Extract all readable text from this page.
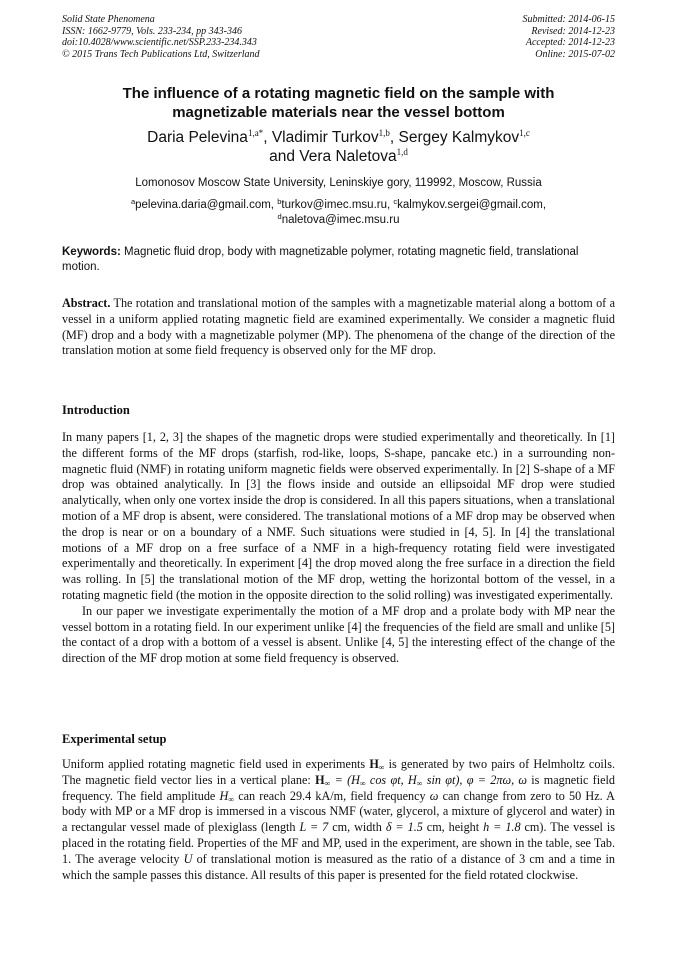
Solid State Phenomena
ISSN: 1662-9779, Vols. 233-234, pp 343-346
doi:10.4028/www.scientific.net/SSP.233-234.343
© 2015 Trans Tech Publications Ltd, Switzerland
Submitted: 2014-06-15
Revised: 2014-12-23
Accepted: 2014-12-23
Online: 2015-07-02
The influence of a rotating magnetic field on the sample with
magnetizable materials near the vessel bottom
Daria Pelevina$^{1,a*}$, Vladimir Turkov$^{1,b}$, Sergey Kalmykov$^{1,c}$
and Vera Naletova$^{1,d}$
Lomonosov Moscow State University, Leninskiye gory, 119992, Moscow, Russia
$^a$pelevina.daria@gmail.com, $^b$turkov@imec.msu.ru, $^c$kalmykov.sergei@gmail.com,
$^d$naletova@imec.msu.ru
Keywords: Magnetic fluid drop, body with magnetizable polymer, rotating magnetic field, translational motion.

Abstract. The rotation and translational motion of the samples with a magnetizable material along a bottom of a vessel in a uniform applied rotating magnetic field are examined experimentally. We consider a magnetic fluid (MF) drop and a body with a magnetizable polymer (MP). The phenomena of the change of the direction of the translation motion at some field frequency is observed only for the MF drop.

Introduction

In many papers [1, 2, 3] the shapes of the magnetic drops were studied experimentally and theoretically. In [1] the different forms of the MF drops (starfish, rod-like, loops, S-shape, pancake etc.) in a surrounding non-magnetic fluid (NMF) in rotating uniform magnetic fields were observed experimentally. In [2] S-shape of a MF drop was obtained analytically. In [3] the flows inside and outside an ellipsoidal MF drop were studied analytically, when only one vortex inside the drop is considered. In all this papers situations, when a translational motion of a MF drop is absent, were considered. The translational motions of a MF drop may be observed when the drop is near or on a boundary of a NMF. Such situations were studied in [4, 5]. In [4] the translational motions of a MF drop on a free surface of a NMF in a high-frequency rotating field were investigated experimentally and theoretically. In experiment [4] the drop moved along the free surface in a direction the field was rolling. In [5] the translational motion of the MF drop, wetting the horizontal bottom of the vessel, in a rotating magnetic field (the motion in the opposite direction to the solid rolling) was investigated experimentally.

In our paper we investigate experimentally the motion of a MF drop and a prolate body with MP near the vessel bottom in a rotating field. In our experiment unlike [4] the frequencies of the field are small and unlike [5] the contact of a drop with a bottom of a vessel is absent. Unlike [4, 5] the interesting effect of the change of the direction of the MF drop motion at some field frequency is observed.

Experimental setup

Uniform applied rotating magnetic field used in experiments $H_\infty$ is generated by two pairs of Helmholtz coils. The magnetic field vector lies in a vertical plane: $H_\infty = (H_\infty$ cos φt, $H_\infty$ sin φt), φ = 2πω, ω is magnetic field frequency. The field amplitude $H_\infty$ can reach 29.4 kA/m, field frequency ω can change from zero to 50 Hz. A body with MP or a MF drop is immersed in a viscous NMF (water, glycerol, a mixture of glycerol and water) in a rectangular vessel made of plexiglass (length L = 7 cm, width δ = 1.5 cm, height h = 1.8 cm). The vessel is placed in the rotating field. Properties of the MF and MP, used in the experiment, are shown in the table, see Tab. 1. The average velocity U of translational motion is measured as the ratio of a distance of 3 cm and a time in which the sample passes this distance. All results of this paper is presented for the field rotated clockwise.
